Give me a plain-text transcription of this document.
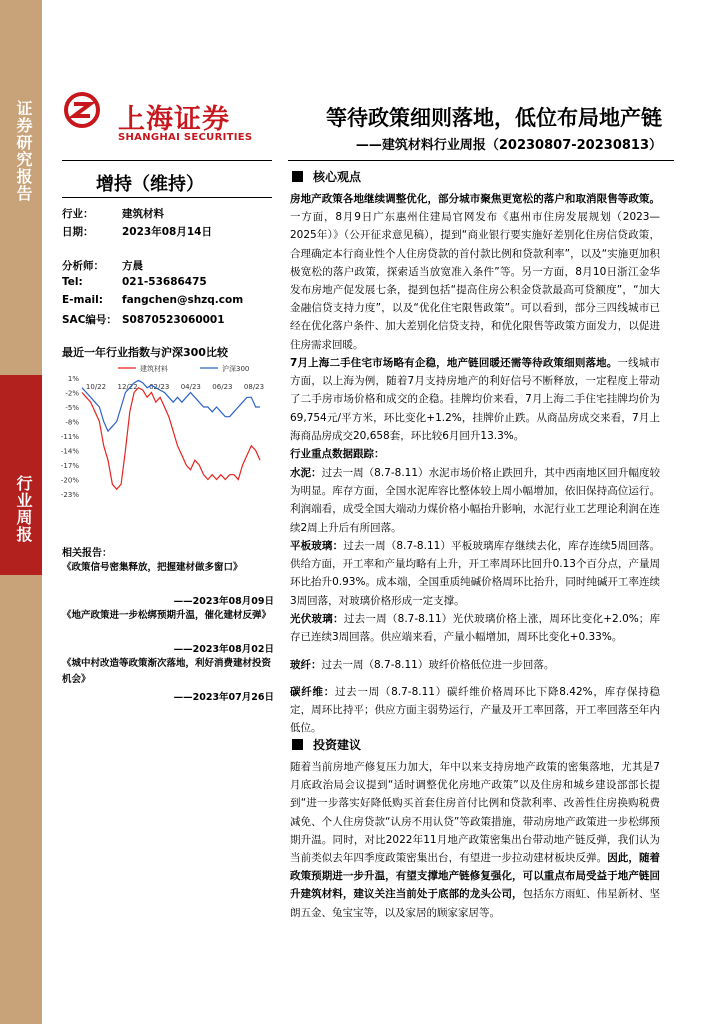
证券研究报告
行业周报
上海证券
SHANGHAI SECURITIES
等待政策细则落地，低位布局地产链
——建筑材料行业周报（20230807-20230813）
增持（维持）
行业：	建筑材料
日期：	2023年08月14日
分析师： 方晨
Tel:	021-53686475
E-mail: fangchen@shzq.com
SAC编号： S0870523060001
最近一年行业指数与沪深300比较
1%
-2%
-5%
-8%
-11%
-14%
-17%
-20%
-23%
10/22 12/22 02/23 04/23 06/23 08/23
建筑材料	沪深300
相关报告：
《政策信号密集释放，把握建材做多窗口》
——2023年08月09日
《地产政策进一步松绑预期升温，催化建材反弹》
——2023年08月02日
《城中村改造等政策渐次落地，利好消费建材投资机会》
——2023年07月26日
核心观点
房地产政策各地继续调整优化，部分城市聚焦更宽松的落户和取消限售等政策。一方面，8月9日广东惠州住建局官网发布《惠州市住房发展规划（2023—2025年）》（公开征求意见稿），提到“商业银行要实施好差别化住房信贷政策，合理确定本行商业性个人住房贷款的首付款比例和贷款利率”，以及“实施更加积极宽松的落户政策，探索适当放宽准入条件”等。另一方面，8月10日浙江金华发布房地产促发展七条，提到包括“提高住房公积金贷款最高可贷额度”，“加大金融信贷支持力度”，以及“优化住宅限售政策”。可以看到，部分三四线城市已经在优化落户条件、加大差别化信贷支持，和优化限售等政策方面发力，以促进住房需求回暖。
7月上海二手住宅市场略有企稳，地产链回暖还需等待政策细则落地。一线城市方面，以上海为例，随着7月支持房地产的利好信号不断释放，一定程度上带动了二手房市场价格和成交的企稳。挂牌均价来看，7月上海二手住宅挂牌均价为69,754元/平方米，环比变化+1.2%，挂牌价止跌。从商品房成交来看，7月上海商品房成交20,658套，环比较6月回升13.3%。
行业重点数据跟踪：
水泥：过去一周（8.7-8.11）水泥市场价格止跌回升，其中西南地区回升幅度较为明显。库存方面，全国水泥库容比整体较上周小幅增加，依旧保持高位运行。利润端看，成受全国大端动力煤价格小幅抬升影响，水泥行业工艺理论利润在连续2周上升后有所回落。
平板玻璃：过去一周（8.7-8.11）平板玻璃库存继续去化，库存连续5周回落。供给方面，开工率和产量均略有上升，开工率周环比回升0.13个百分点，产量周环比抬升0.93%。成本端，全国重质纯碱价格周环比抬升，同时纯碱开工率连续3周回落，对玻璃价格形成一定支撑。
光伏玻璃：过去一周（8.7-8.11）光伏玻璃价格上涨，周环比变化+2.0%；库存已连续3周回落。供应端来看，产量小幅增加，周环比变化+0.33%。
玻纤：过去一周（8.7-8.11）玻纤价格低位进一步回落。
碳纤维：过去一周（8.7-8.11）碳纤维价格周环比下降8.42%，库存保持稳定，周环比持平；供应方面主弱势运行，产量及开工率回落，开工率回落至年内低位。
投资建议
随着当前房地产修复压力加大，年中以来支持房地产政策的密集落地，尤其是7月底政治局会议提到“适时调整优化房地产政策”以及住房和城乡建设部部长提到“进一步落实好降低购买首套住房首付比例和贷款利率、改善性住房换购税费减免、个人住房贷款“认房不用认贷”等政策措施，带动房地产政策进一步松绑预期升温。同时，对比2022年11月地产政策密集出台带动地产链反弹，我们认为当前类似去年四季度政策密集出台，有望进一步拉动建材板块反弹。因此，随着政策预期进一步升温，有望支撑地产链修复强化，可以重点布局受益于地产链回升建筑材料，建议关注当前处于底部的龙头公司，包括东方雨虹、伟星新材、坚朗五金、兔宝宝等，以及家居的顾家家居等。
